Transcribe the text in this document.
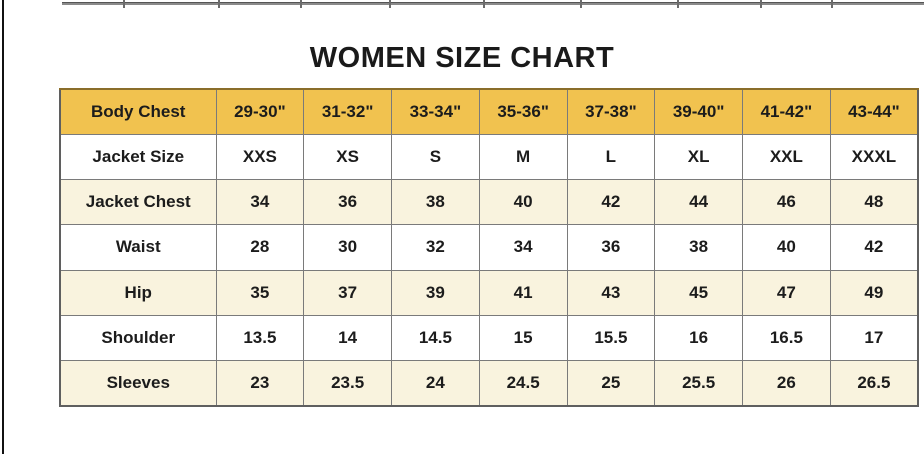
WOMEN SIZE CHART
Body Chest	29-30"	31-32"	33-34"	35-36"	37-38"	39-40"	41-42"	43-44"
Jacket Size	XXS	XS	S	M	L	XL	XXL	XXXL
Jacket Chest	34	36	38	40	42	44	46	48
Waist	28	30	32	34	36	38	40	42
Hip	35	37	39	41	43	45	47	49
Shoulder	13.5	14	14.5	15	15.5	16	16.5	17
Sleeves	23	23.5	24	24.5	25	25.5	26	26.5
